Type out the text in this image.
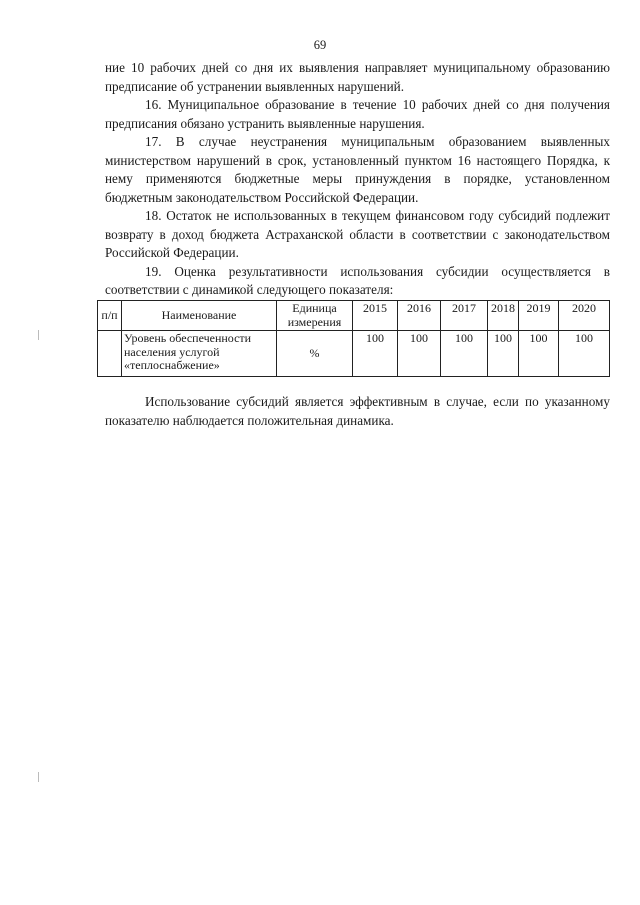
69

ние 10 рабочих дней со дня их выявления направляет муниципальному образованию предписание об устранении выявленных нарушений.

16. Муниципальное образование в течение 10 рабочих дней со дня получения предписания обязано устранить выявленные нарушения.

17. В случае неустранения муниципальным образованием выявленных министерством нарушений в срок, установленный пунктом 16 настоящего Порядка, к нему применяются бюджетные меры принуждения в порядке, установленном бюджетным законодательством Российской Федерации.

18. Остаток не использованных в текущем финансовом году субсидий подлежит возврату в доход бюджета Астраханской области в соответствии с законодательством Российской Федерации.

19. Оценка результативности использования субсидии осуществляется в соответствии с динамикой следующего показателя:

п/п	Наименование	Единица измерения	2015	2016	2017	2018	2019	2020
	Уровень обеспеченности населения услугой «теплоснабжение»	%	100	100	100	100	100	100

Использование субсидий является эффективным в случае, если по указанному показателю наблюдается положительная динамика.
